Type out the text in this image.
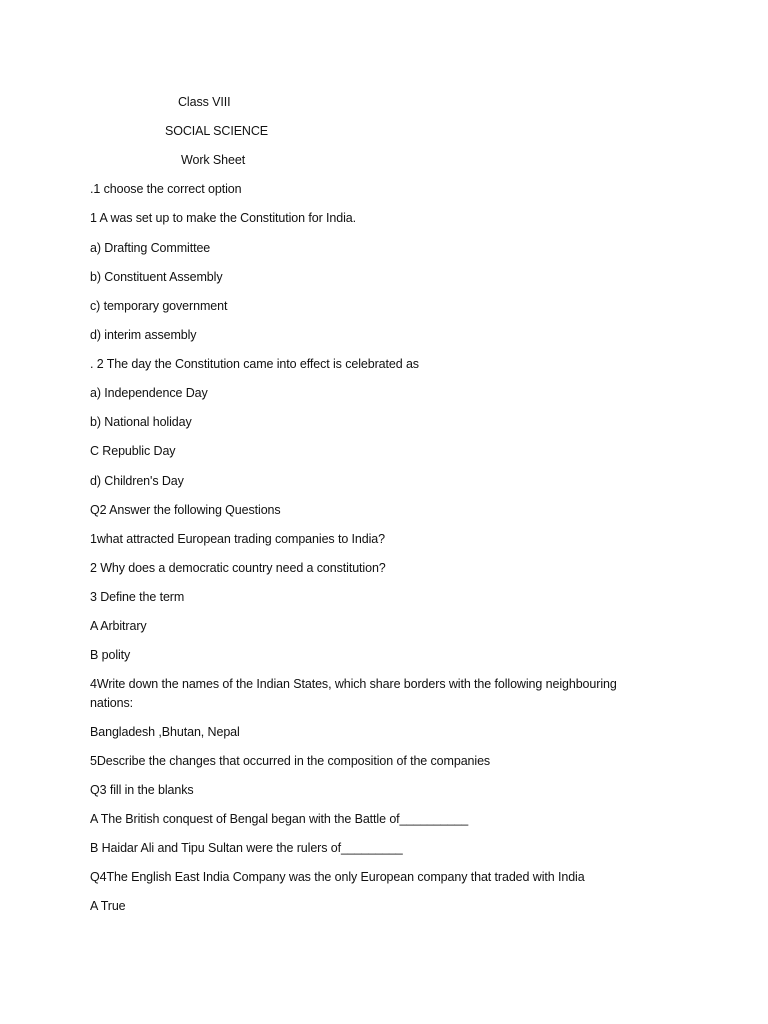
Class VIII
SOCIAL SCIENCE
Work Sheet
.1 choose the correct option
1 A was set up to make the Constitution for India.
a) Drafting Committee
b) Constituent Assembly
c) temporary government
d) interim assembly
. 2 The day the Constitution came into effect is celebrated as
a) Independence Day
b) National holiday
C Republic Day
d) Children's Day
Q2 Answer the following Questions
1what attracted European trading companies to India?
2 Why does a democratic country need a constitution?
3 Define the term
A Arbitrary
B polity
4Write down the names of the Indian States, which share borders with the following neighbouring nations:
Bangladesh ,Bhutan, Nepal
5Describe the changes that occurred in the composition of the companies
Q3 fill in the blanks
A The British conquest of Bengal began with the Battle of__________
B Haidar Ali and Tipu Sultan were the rulers of_________
Q4The English East India Company was the only European company that traded with India
A True
